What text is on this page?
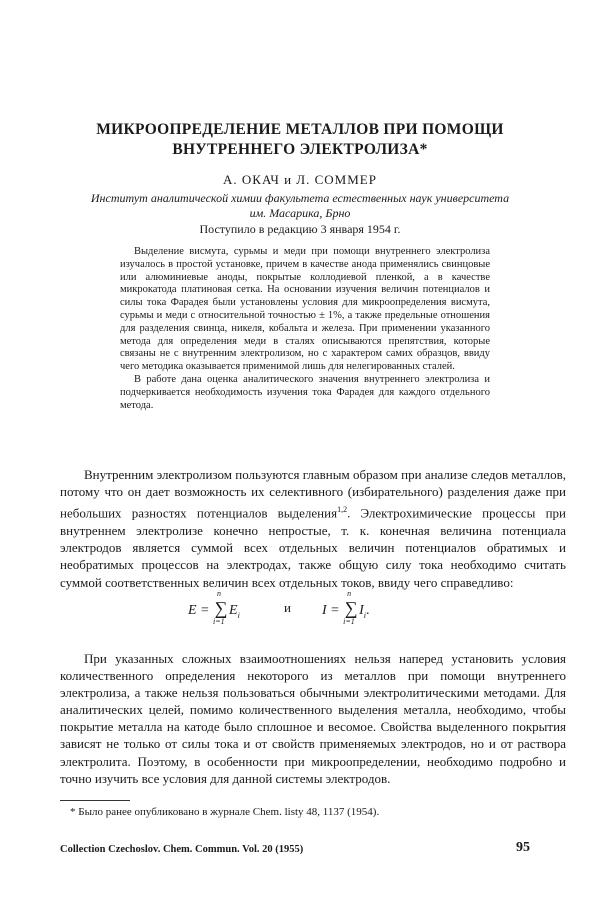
МИКРООПРЕДЕЛЕНИЕ МЕТАЛЛОВ ПРИ ПОМОЩИ
ВНУТРЕННЕГО ЭЛЕКТРОЛИЗА*
А. ОКАЧ и Л. СОММЕР
Институт аналитической химии факультета естественных наук университета
им. Масарика, Брно
Поступило в редакцию 3 января 1954 г.

Выделение висмута, сурьмы и меди при помощи внутреннего электролиза изучалось в простой установке, причем в качестве анода применялись свинцовые или алюминиевые аноды, покрытые коллодиевой пленкой, а в качестве микрокатода платиновая сетка. На основании изучения величин потенциалов и силы тока Фарадея были установлены условия для микроопределения висмута, сурьмы и меди с относительной точностью ± 1%, а также предельные отношения для разделения свинца, никеля, кобальта и железа. При применении указанного метода для определения меди в сталях описываются препятствия, которые связаны не с внутренним электролизом, но с характером самих образцов, ввиду чего методика оказывается применимой лишь для нелегированных сталей.

В работе дана оценка аналитического значения внутреннего электролиза и подчеркивается необходимость изучения тока Фарадея для каждого отдельного метода.

Внутренним электролизом пользуются главным образом при анализе следов металлов, потому что он дает возможность их селективного (избирательного) разделения даже при небольших разностях потенциалов выделения$^{1,2}$. Электрохимические процессы при внутреннем электролизе конечно непростые, т. к. конечная величина потенциала электродов является суммой всех отдельных величин потенциалов обратимых и необратимых процессов на электродах, также общую силу тока необходимо считать суммой соответственных величин всех отдельных токов, ввиду чего справедливо:

E = ∑
n
i=1
$E_i$
и I = ∑
n
i=1
$I_i$.

При указанных сложных взаимоотношениях нельзя наперед установить условия количественного определения некоторого из металлов при помощи внутреннего электролиза, а также нельзя пользоваться обычными электролитическими методами. Для аналитических целей, помимо количественного выделения металла, необходимо, чтобы покрытие металла на катоде было сплошное и весомое. Свойства выделенного покрытия зависят не только от силы тока и от свойств применяемых электродов, но и от раствора электролита. Поэтому, в особенности при микроопределении, необходимо подробно и точно изучить все условия для данной системы электродов.

* Было ранее опубликовано в журнале Chem. listy 48, 1137 (1954).
Collection Czechoslov. Chem. Commun. Vol. 20 (1955)	95
